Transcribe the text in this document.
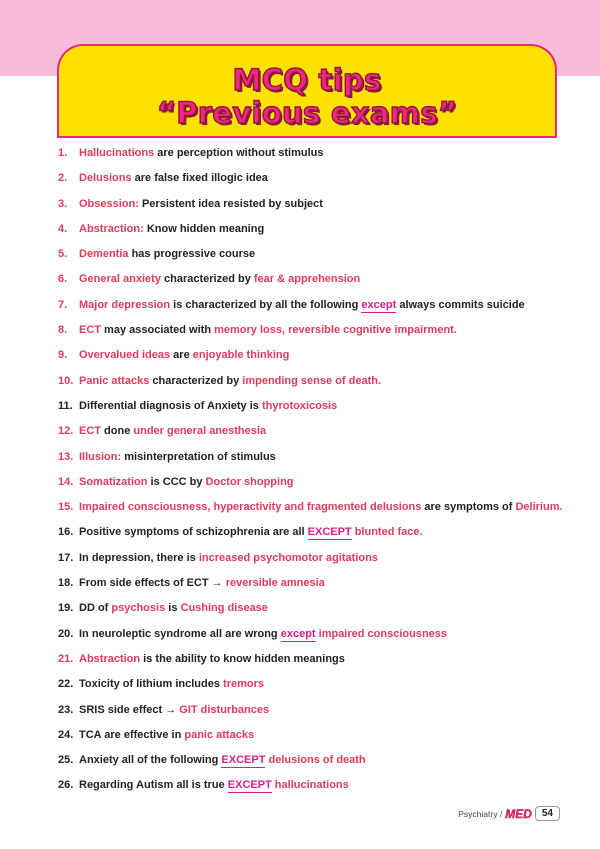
MCQ tips
“Previous exams”
1. Hallucinations are perception without stimulus
2. Delusions are false fixed illogic idea
3. Obsession: Persistent idea resisted by subject
4. Abstraction: Know hidden meaning
5. Dementia has progressive course
6. General anxiety characterized by fear & apprehension
7. Major depression is characterized by all the following except always commits suicide
8. ECT may associated with memory loss, reversible cognitive impairment.
9. Overvalued ideas are enjoyable thinking
10. Panic attacks characterized by impending sense of death.
11. Differential diagnosis of Anxiety is thyrotoxicosis
12. ECT done under general anesthesia
13. Illusion: misinterpretation of stimulus
14. Somatization is CCC by Doctor shopping
15. Impaired consciousness, hyperactivity and fragmented delusions are symptoms of Delirium.
16. Positive symptoms of schizophrenia are all EXCEPT blunted face.
17. In depression, there is increased psychomotor agitations
18. From side effects of ECT → reversible amnesia
19. DD of psychosis is Cushing disease
20. In neuroleptic syndrome all are wrong except impaired consciousness
21. Abstraction is the ability to know hidden meanings
22. Toxicity of lithium includes tremors
23. SRIS side effect → GIT disturbances
24. TCA are effective in panic attacks
25. Anxiety all of the following EXCEPT delusions of death
26. Regarding Autism all is true EXCEPT hallucinations
Psychiatry / MED	54
